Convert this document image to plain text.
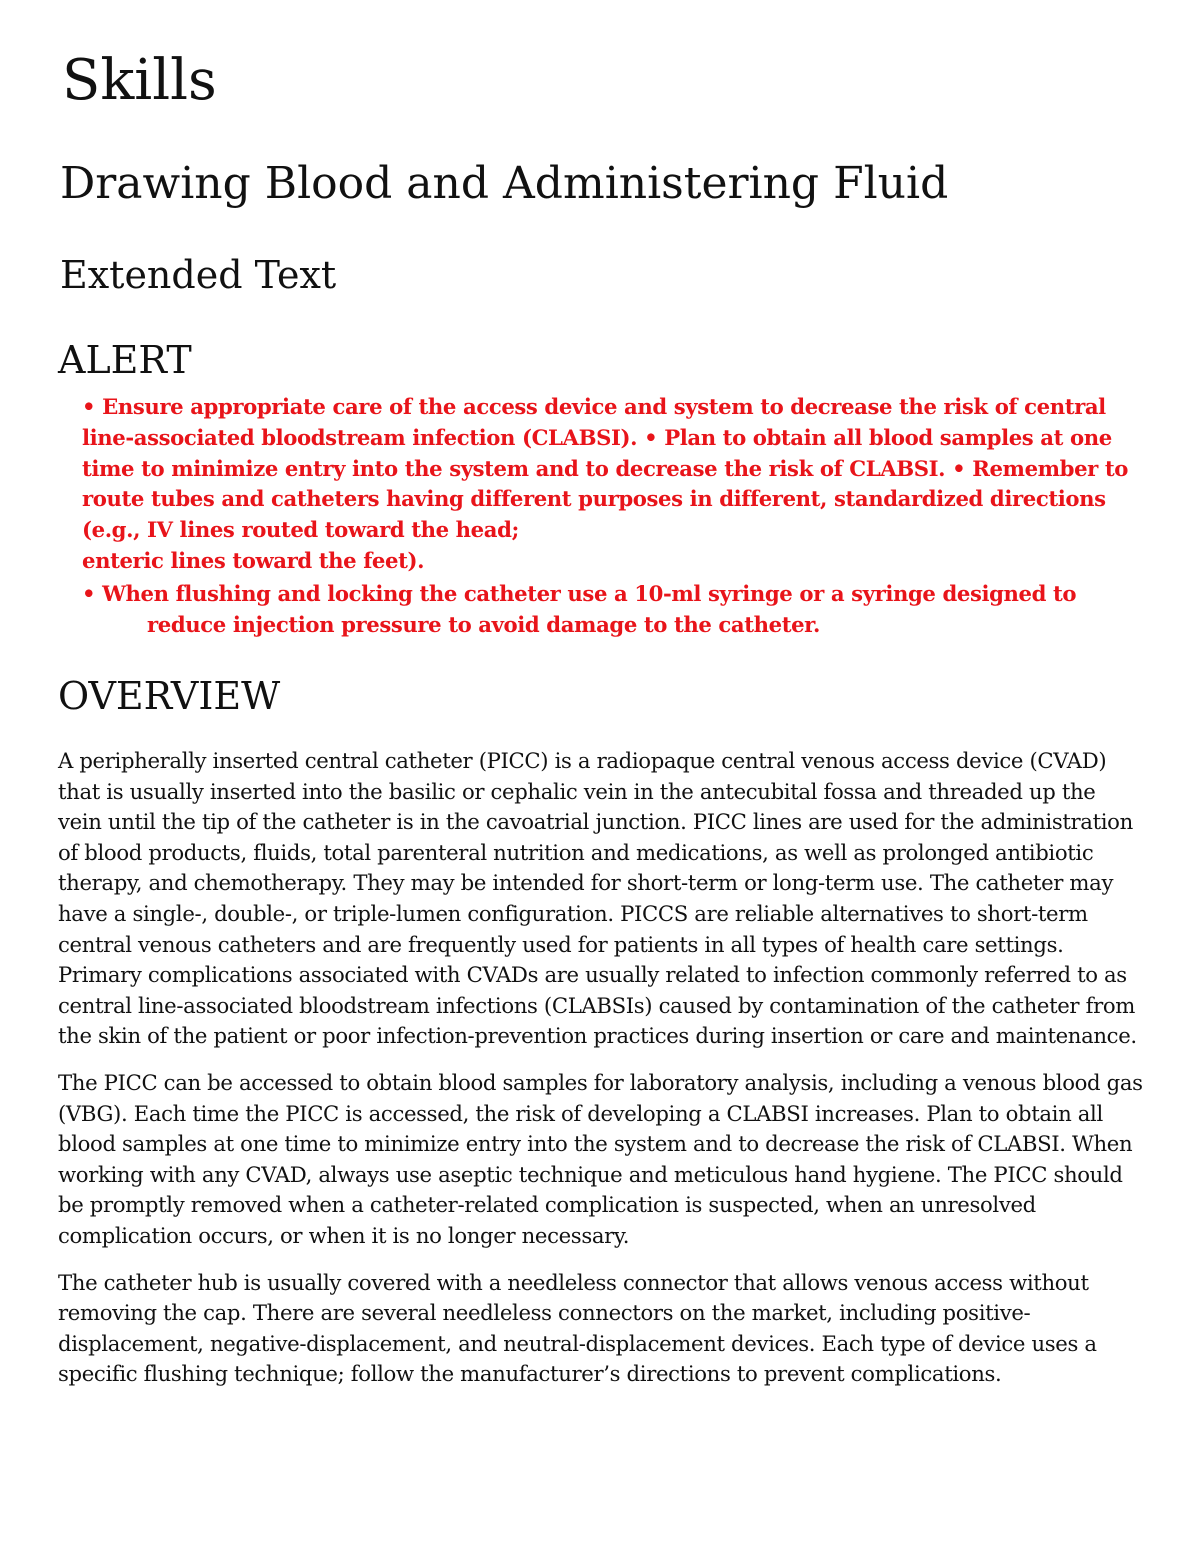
Skills
Drawing Blood and Administering Fluid
Extended Text
ALERT

• Ensure appropriate care of the access device and system to decrease the risk of central line-associated bloodstream infection (CLABSI). • Plan to obtain all blood samples at one time to minimize entry into the system and to decrease the risk of CLABSI. • Remember to route tubes and catheters having different purposes in different, standardized directions (e.g., IV lines routed toward the head;

enteric lines toward the feet).

• When flushing and locking the catheter use a 10-ml syringe or a syringe designed to
reduce injection pressure to avoid damage to the catheter.

OVERVIEW

A peripherally inserted central catheter (PICC) is a radiopaque central venous access device (CVAD) that is usually inserted into the basilic or cephalic vein in the antecubital fossa and threaded up the vein until the tip of the catheter is in the cavoatrial junction. PICC lines are used for the administration of blood products, fluids, total parenteral nutrition and medications, as well as prolonged antibiotic therapy, and chemotherapy. They may be intended for short-term or long-term use. The catheter may have a single-, double-, or triple-lumen configuration. PICCS are reliable alternatives to short-term central venous catheters and are frequently used for patients in all types of health care settings. Primary complications associated with CVADs are usually related to infection commonly referred to as central line-associated bloodstream infections (CLABSIs) caused by contamination of the catheter from the skin of the patient or poor infection-prevention practices during insertion or care and maintenance.

The PICC can be accessed to obtain blood samples for laboratory analysis, including a venous blood gas (VBG). Each time the PICC is accessed, the risk of developing a CLABSI increases. Plan to obtain all blood samples at one time to minimize entry into the system and to decrease the risk of CLABSI. When working with any CVAD, always use aseptic technique and meticulous hand hygiene. The PICC should be promptly removed when a catheter-related complication is suspected, when an unresolved complication occurs, or when it is no longer necessary.

The catheter hub is usually covered with a needleless connector that allows venous access without removing the cap. There are several needleless connectors on the market, including positive-displacement, negative-displacement, and neutral-displacement devices. Each type of device uses a specific flushing technique; follow the manufacturer’s directions to prevent complications.
